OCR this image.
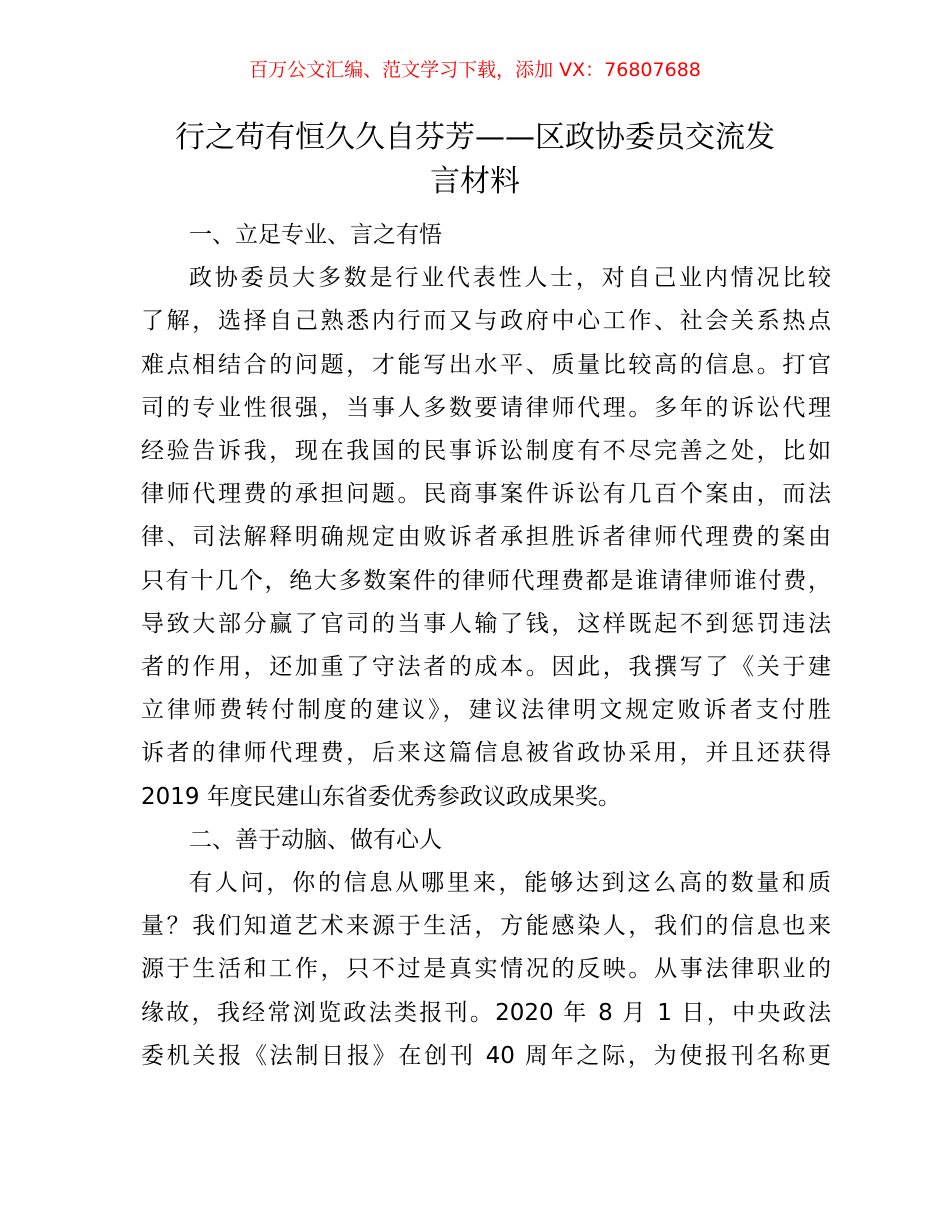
百万公文汇编、范文学习下载，添加 VX：76807688
行之苟有恒久久自芬芳——区政协委员交流发
言材料

一、立足专业、言之有悟

政协委员大多数是行业代表性人士，对自己业内情况比较
了解，选择自己熟悉内行而又与政府中心工作、社会关系热点
难点相结合的问题，才能写出水平、质量比较高的信息。打官
司的专业性很强，当事人多数要请律师代理。多年的诉讼代理
经验告诉我，现在我国的民事诉讼制度有不尽完善之处，比如
律师代理费的承担问题。民商事案件诉讼有几百个案由，而法
律、司法解释明确规定由败诉者承担胜诉者律师代理费的案由
只有十几个，绝大多数案件的律师代理费都是谁请律师谁付费，
导致大部分赢了官司的当事人输了钱，这样既起不到惩罚违法
者的作用，还加重了守法者的成本。因此，我撰写了《关于建
立律师费转付制度的建议》，建议法律明文规定败诉者支付胜
诉者的律师代理费，后来这篇信息被省政协采用，并且还获得
2019 年度民建山东省委优秀参政议政成果奖。

二、善于动脑、做有心人

有人问，你的信息从哪里来，能够达到这么高的数量和质
量？我们知道艺术来源于生活，方能感染人，我们的信息也来
源于生活和工作，只不过是真实情况的反映。从事法律职业的
缘故，我经常浏览政法类报刊。2020 年 8 月 1 日，中央政法
委机关报《法制日报》在创刊 40 周年之际，为使报刊名称更
